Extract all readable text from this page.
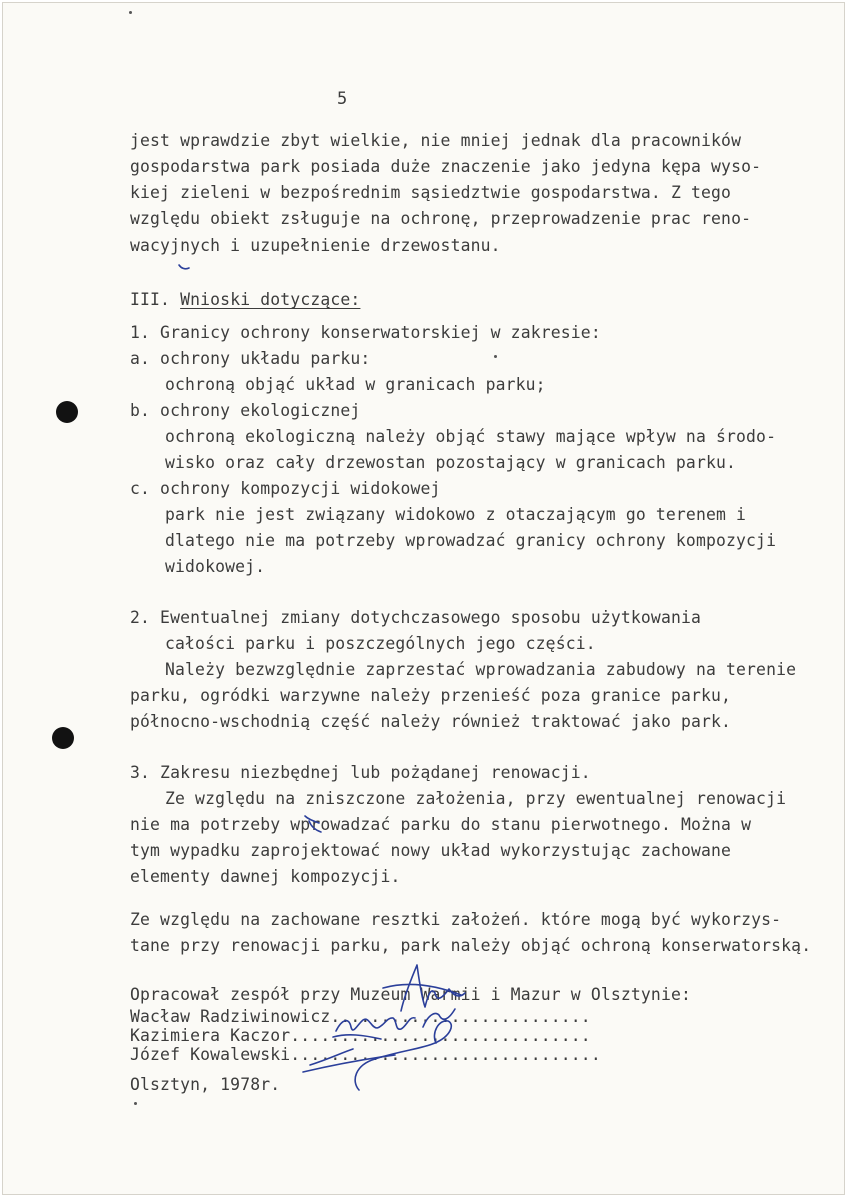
5
jest wprawdzie zbyt wielkie, nie mniej jednak dla pracowników
gospodarstwa park posiada duże znaczenie jako jedyna kępa wyso-
kiej zieleni w bezpośrednim sąsiedztwie gospodarstwa. Z tego
względu obiekt zsługuje na ochronę, przeprowadzenie prac reno-
wacyjnych i uzupełnienie drzewostanu.
III. Wnioski dotyczące:
1. Granicy ochrony konserwatorskiej w zakresie:
a. ochrony układu parku:
ochroną objąć układ w granicach parku;
b. ochrony ekologicznej
ochroną ekologiczną należy objąć stawy mające wpływ na środo-
wisko oraz cały drzewostan pozostający w granicach parku.
c. ochrony kompozycji widokowej
park nie jest związany widokowo z otaczającym go terenem i
dlatego nie ma potrzeby wprowadzać granicy ochrony kompozycji
widokowej.
2. Ewentualnej zmiany dotychczasowego sposobu użytkowania
całości parku i poszczególnych jego części.
Należy bezwzględnie zaprzestać wprowadzania zabudowy na terenie
parku, ogródki warzywne należy przenieść poza granice parku,
północno-wschodnią część należy również traktować jako park.
3. Zakresu niezbędnej lub pożądanej renowacji.
Ze względu na zniszczone założenia, przy ewentualnej renowacji
nie ma potrzeby wprowadzać parku do stanu pierwotnego. Można w
tym wypadku zaprojektować nowy układ wykorzystując zachowane
elementy dawnej kompozycji.
Ze względu na zachowane resztki założeń. które mogą być wykorzys-
tane przy renowacji parku, park należy objąć ochroną konserwatorską.
Opracował zespół przy Muzeum Warmii i Mazur w Olsztynie:
Wacław Radziwinowicz..........................
Kazimiera Kaczor..............................
Józef Kowalewski...............................
Olsztyn, 1978r.
